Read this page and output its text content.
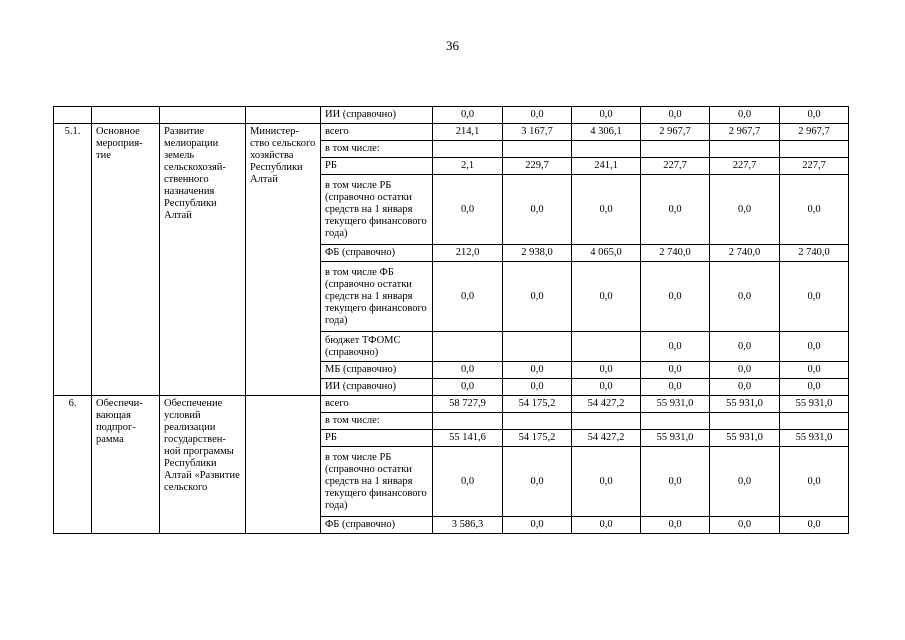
36
				ИИ (справочно)	0,0	0,0	0,0	0,0	0,0	0,0
5.1.	Основное мероприя-тие	Развитие мелиорации земель сельскохозяй-ственного назначения Республики Алтай	Министер-ство сельского хозяйства Республики Алтай	всего	214,1	3 167,7	4 306,1	2 967,7	2 967,7	2 967,7
				в том числе:						
				РБ	2,1	229,7	241,1	227,7	227,7	227,7
				в том числе РБ (справочно остатки средств на 1 января текущего финансового года)	0,0	0,0	0,0	0,0	0,0	0,0
				ФБ (справочно)	212,0	2 938,0	4 065,0	2 740,0	2 740,0	2 740,0
				в том числе ФБ (справочно остатки средств на 1 января текущего финансового года)	0,0	0,0	0,0	0,0	0,0	0,0
				бюджет ТФОМС (справочно)				0,0	0,0	0,0
				МБ (справочно)	0,0	0,0	0,0	0,0	0,0	0,0
				ИИ (справочно)	0,0	0,0	0,0	0,0	0,0	0,0
6.	Обеспечи-вающая подпрог-рамма	Обеспечение условий реализации государствен-ной программы Республики Алтай «Развитие сельского		всего	58 727,9	54 175,2	54 427,2	55 931,0	55 931,0	55 931,0
				в том числе:						
				РБ	55 141,6	54 175,2	54 427,2	55 931,0	55 931,0	55 931,0
				в том числе РБ (справочно остатки средств на 1 января текущего финансового года)	0,0	0,0	0,0	0,0	0,0	0,0
				ФБ (справочно)	3 586,3	0,0	0,0	0,0	0,0	0,0
